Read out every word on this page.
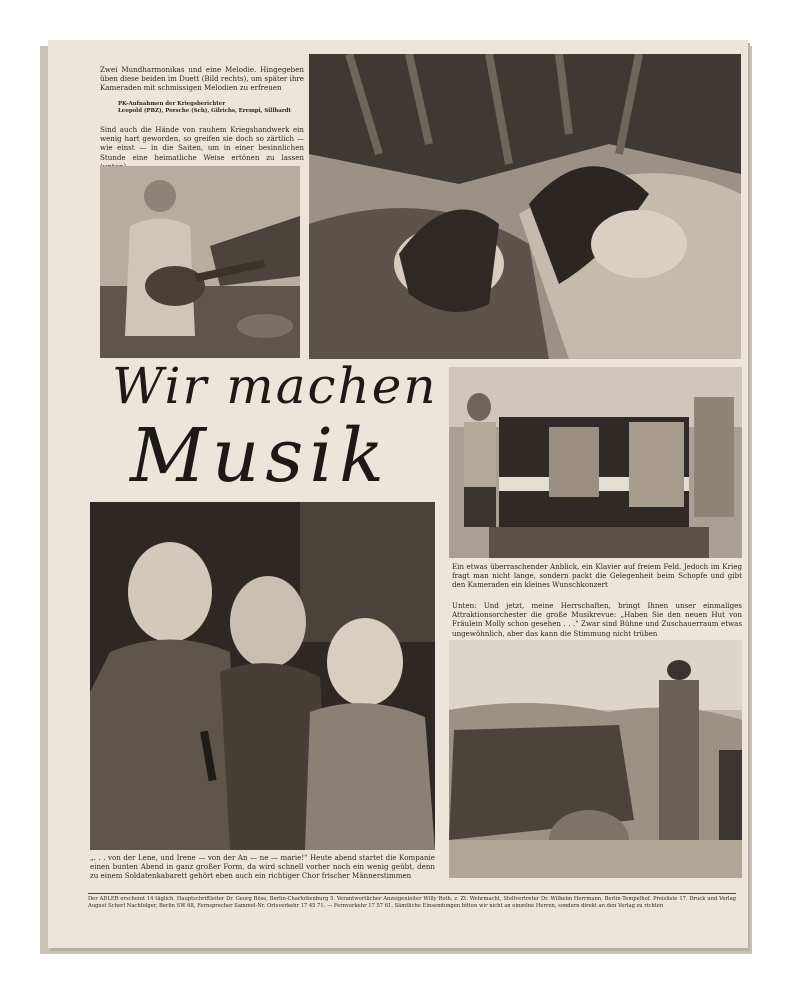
Zwei Mundharmonikas und eine Melodie. Hingegeben üben diese beiden im Duett (Bild rechts), um später ihre Kameraden mit schmissigen Melodien zu erfreuen
PK-Aufnahmen der Kriegsberichter
Leopold (PBZ), Porsche (Sch), Gilrichs, Erempi, Sillhardt
Sind auch die Hände von rauhem Kriegshandwerk ein wenig hart geworden, so greifen sie doch so zärtlich — wie einst — in die Saiten, um in einer besinnlichen Stunde eine heimatliche Weise ertönen zu lassen
Wir machen
Musik
Ein etwas überraschender Anblick, ein Klavier auf freiem Feld. Jedoch im Krieg fragt man nicht lange, sondern packt die Gelegenheit beim Schopfe und gibt den Kameraden ein kleines Wunschkonzert
Unten: Und jetzt, meine Herrschaften, bringt Ihnen unser einmaliges Attraktionsorchester die große Musikrevue: „Haben Sie den neuen Hut von Fräulein Molly schon gesehen . . ." Zwar sind Bühne und Zuschauerraum etwas ungewöhnlich, aber das kann die Stimmung nicht trüben
„. . . von der Lene, und Irene — von der An — ne — marie!" Heute abend startet die Kompanie einen bunten Abend in ganz großer Form, da wird schnell vorher noch ein wenig geübt, denn zu einem Soldatenkabarett gehört eben auch ein richtiger Chor frischer Männerstimmen
Der ADLER erscheint 14 täglich. Hauptschriftleiter Dr. Georg Böse, Berlin-Charlottenburg 5. Verantwortlicher Anzeigenleiter Willy Roth, z. Zt. Wehrmacht, Stellvertreter Dr. Wilhelm Herrmann, Berlin-Tempelhof. Preisliste 17. Druck und Verlag August Scherl Nachfolger, Berlin SW 68, Fernsprecher Sammel-Nr. Ortsverkehr 17 45 71. — Fernverkehr 17 57 61. Sämtliche Einsendungen bitten wir nicht an einzelne Herren, sondern direkt an den Verlag zu richten
